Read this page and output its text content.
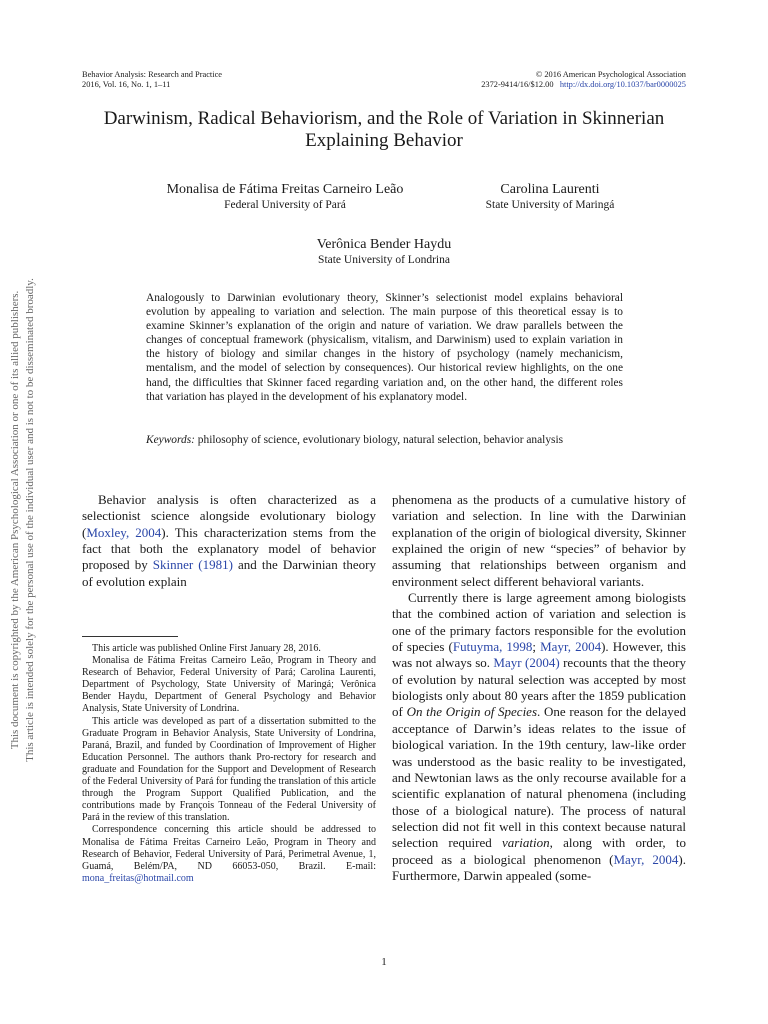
This document is copyrighted by the American Psychological Association or one of its allied publishers. This article is intended solely for the personal use of the individual user and is not to be disseminated broadly.
Behavior Analysis: Research and Practice
2016, Vol. 16, No. 1, 1–11
© 2016 American Psychological Association
2372-9414/16/$12.00 http://dx.doi.org/10.1037/bar0000025
Darwinism, Radical Behaviorism, and the Role of Variation in Skinnerian Explaining Behavior
Monalisa de Fátima Freitas Carneiro Leão
Federal University of Pará
Carolina Laurenti
State University of Maringá
Verônica Bender Haydu
State University of Londrina
Analogously to Darwinian evolutionary theory, Skinner’s selectionist model explains behavioral evolution by appealing to variation and selection. The main purpose of this theoretical essay is to examine Skinner’s explanation of the origin and nature of variation. We draw parallels between the changes of conceptual framework (physicalism, vitalism, and Darwinism) used to explain variation in the history of biology and similar changes in the history of psychology (namely mechanicism, mentalism, and the model of selection by consequences). Our historical review highlights, on the one hand, the difficulties that Skinner faced regarding variation and, on the other hand, the different roles that variation has played in the development of his explanatory model.
Keywords: philosophy of science, evolutionary biology, natural selection, behavior analysis

Behavior analysis is often characterized as a selectionist science alongside evolutionary biology (Moxley, 2004). This characterization stems from the fact that both the explanatory model of behavior proposed by Skinner (1981) and the Darwinian theory of evolution explain

This article was published Online First January 28, 2016.

Monalisa de Fátima Freitas Carneiro Leão, Program in Theory and Research of Behavior, Federal University of Pará; Carolina Laurenti, Department of Psychology, State University of Maringá; Verônica Bender Haydu, Department of General Psychology and Behavior Analysis, State University of Londrina.

This article was developed as part of a dissertation submitted to the Graduate Program in Behavior Analysis, State University of Londrina, Paraná, Brazil, and funded by Coordination of Improvement of Higher Education Personnel. The authors thank Pro-rectory for research and graduate and Foundation for the Support and Development of Research of the Federal University of Pará for funding the translation of this article through the Program Support Qualified Publication, and the contributions made by François Tonneau of the Federal University of Pará in the review of this translation.

Correspondence concerning this article should be addressed to Monalisa de Fátima Freitas Carneiro Leão, Program in Theory and Research of Behavior, Federal University of Pará, Perimetral Avenue, 1, Guamá, Belém/PA, ND 66053-050, Brazil. E-mail: mona_freitas@hotmail.com

phenomena as the products of a cumulative history of variation and selection. In line with the Darwinian explanation of the origin of biological diversity, Skinner explained the origin of new “species” of behavior by assuming that relationships between organism and environment select different behavioral variants.

Currently there is large agreement among biologists that the combined action of variation and selection is one of the primary factors responsible for the evolution of species (Futuyma, 1998; Mayr, 2004). However, this was not always so. Mayr (2004) recounts that the theory of evolution by natural selection was accepted by most biologists only about 80 years after the 1859 publication of On the Origin of Species. One reason for the delayed acceptance of Darwin’s ideas relates to the issue of biological variation. In the 19th century, law-like order was understood as the basic reality to be investigated, and Newtonian laws as the only recourse available for a scientific explanation of natural phenomena (including those of a biological nature). The process of natural selection did not fit well in this context because natural selection required variation, along with order, to proceed as a biological phenomenon (Mayr, 2004). Furthermore, Darwin appealed (some-

1
